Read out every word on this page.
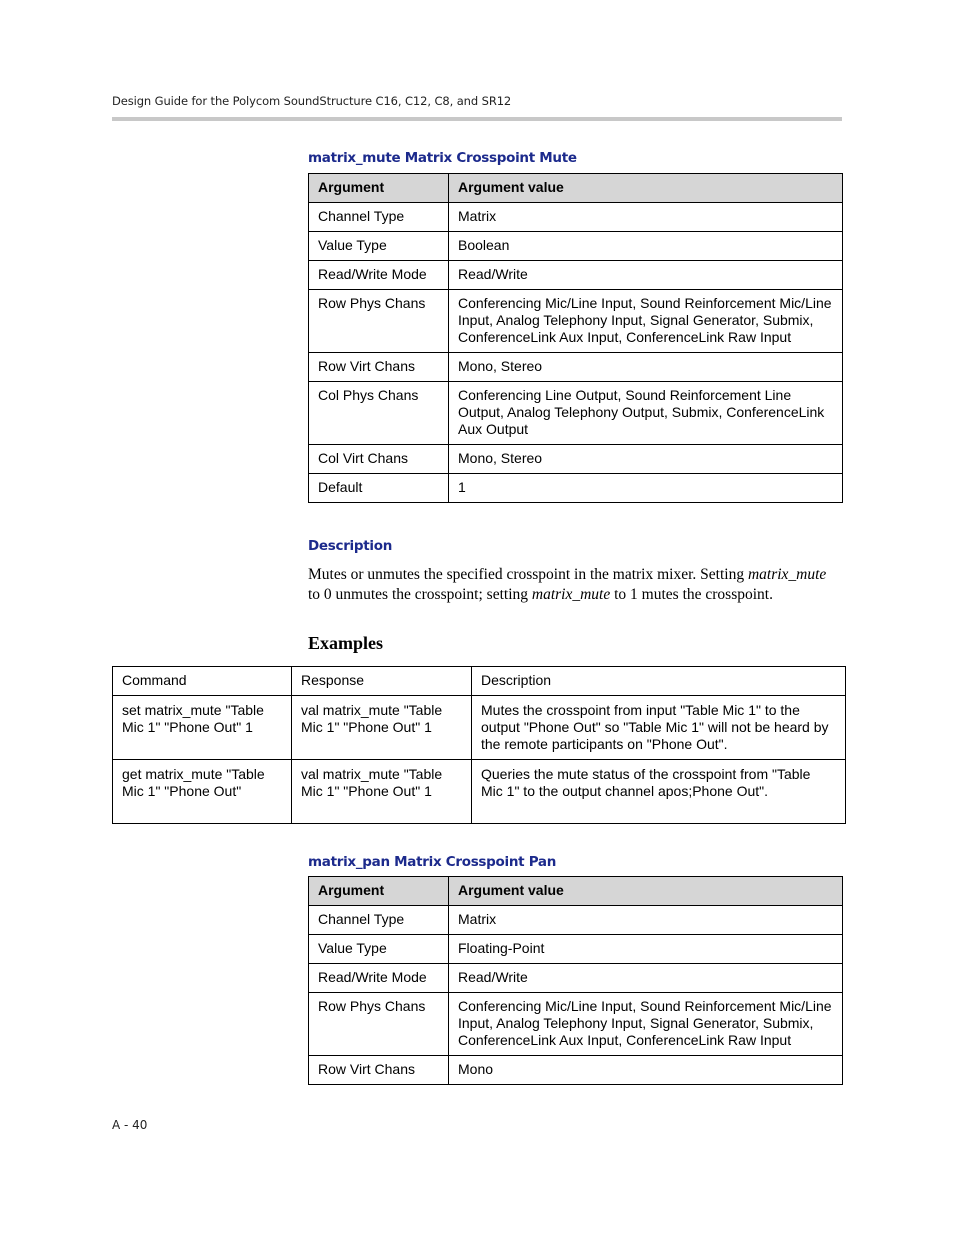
Design Guide for the Polycom SoundStructure C16, C12, C8, and SR12
matrix_mute Matrix Crosspoint Mute
Argument	Argument value
Channel Type	Matrix
Value Type	Boolean
Read/Write Mode	Read/Write
Row Phys Chans	Conferencing Mic/Line Input, Sound Reinforcement Mic/Line Input, Analog Telephony Input, Signal Generator, Submix, ConferenceLink Aux Input, ConferenceLink Raw Input
Row Virt Chans	Mono, Stereo
Col Phys Chans	Conferencing Line Output, Sound Reinforcement Line Output, Analog Telephony Output, Submix, ConferenceLink Aux Output
Col Virt Chans	Mono, Stereo
Default	1
Description

Mutes or unmutes the specified crosspoint in the matrix mixer. Setting matrix_mute to 0 unmutes the crosspoint; setting matrix_mute to 1 mutes the crosspoint.

Examples
Command	Response	Description
set matrix_mute "Table Mic 1" "Phone Out" 1	val matrix_mute "Table Mic 1" "Phone Out" 1	Mutes the crosspoint from input "Table Mic 1" to the output "Phone Out" so "Table Mic 1" will not be heard by the remote participants on "Phone Out".
get matrix_mute "Table Mic 1" "Phone Out"	val matrix_mute "Table Mic 1" "Phone Out" 1	Queries the mute status of the crosspoint from "Table Mic 1" to the output channel apos;Phone Out".
matrix_pan Matrix Crosspoint Pan
Argument	Argument value
Channel Type	Matrix
Value Type	Floating-Point
Read/Write Mode	Read/Write
Row Phys Chans	Conferencing Mic/Line Input, Sound Reinforcement Mic/Line Input, Analog Telephony Input, Signal Generator, Submix, ConferenceLink Aux Input, ConferenceLink Raw Input
Row Virt Chans	Mono
A - 40
